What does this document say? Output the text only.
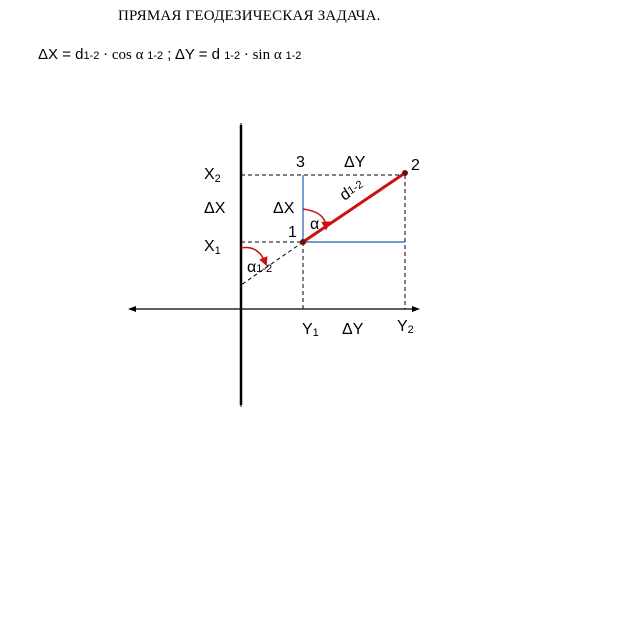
ПРЯМАЯ ГЕОДЕЗИЧЕСКАЯ ЗАДАЧА.
ΔX = d1-2 · cos α 1-2 ; ΔY = d 1-2 · sin α 1-2
X2
ΔX
X1
3 ΔY	2
d1-2
ΔX
α
1
α1-2
Y1 ΔY Y2
